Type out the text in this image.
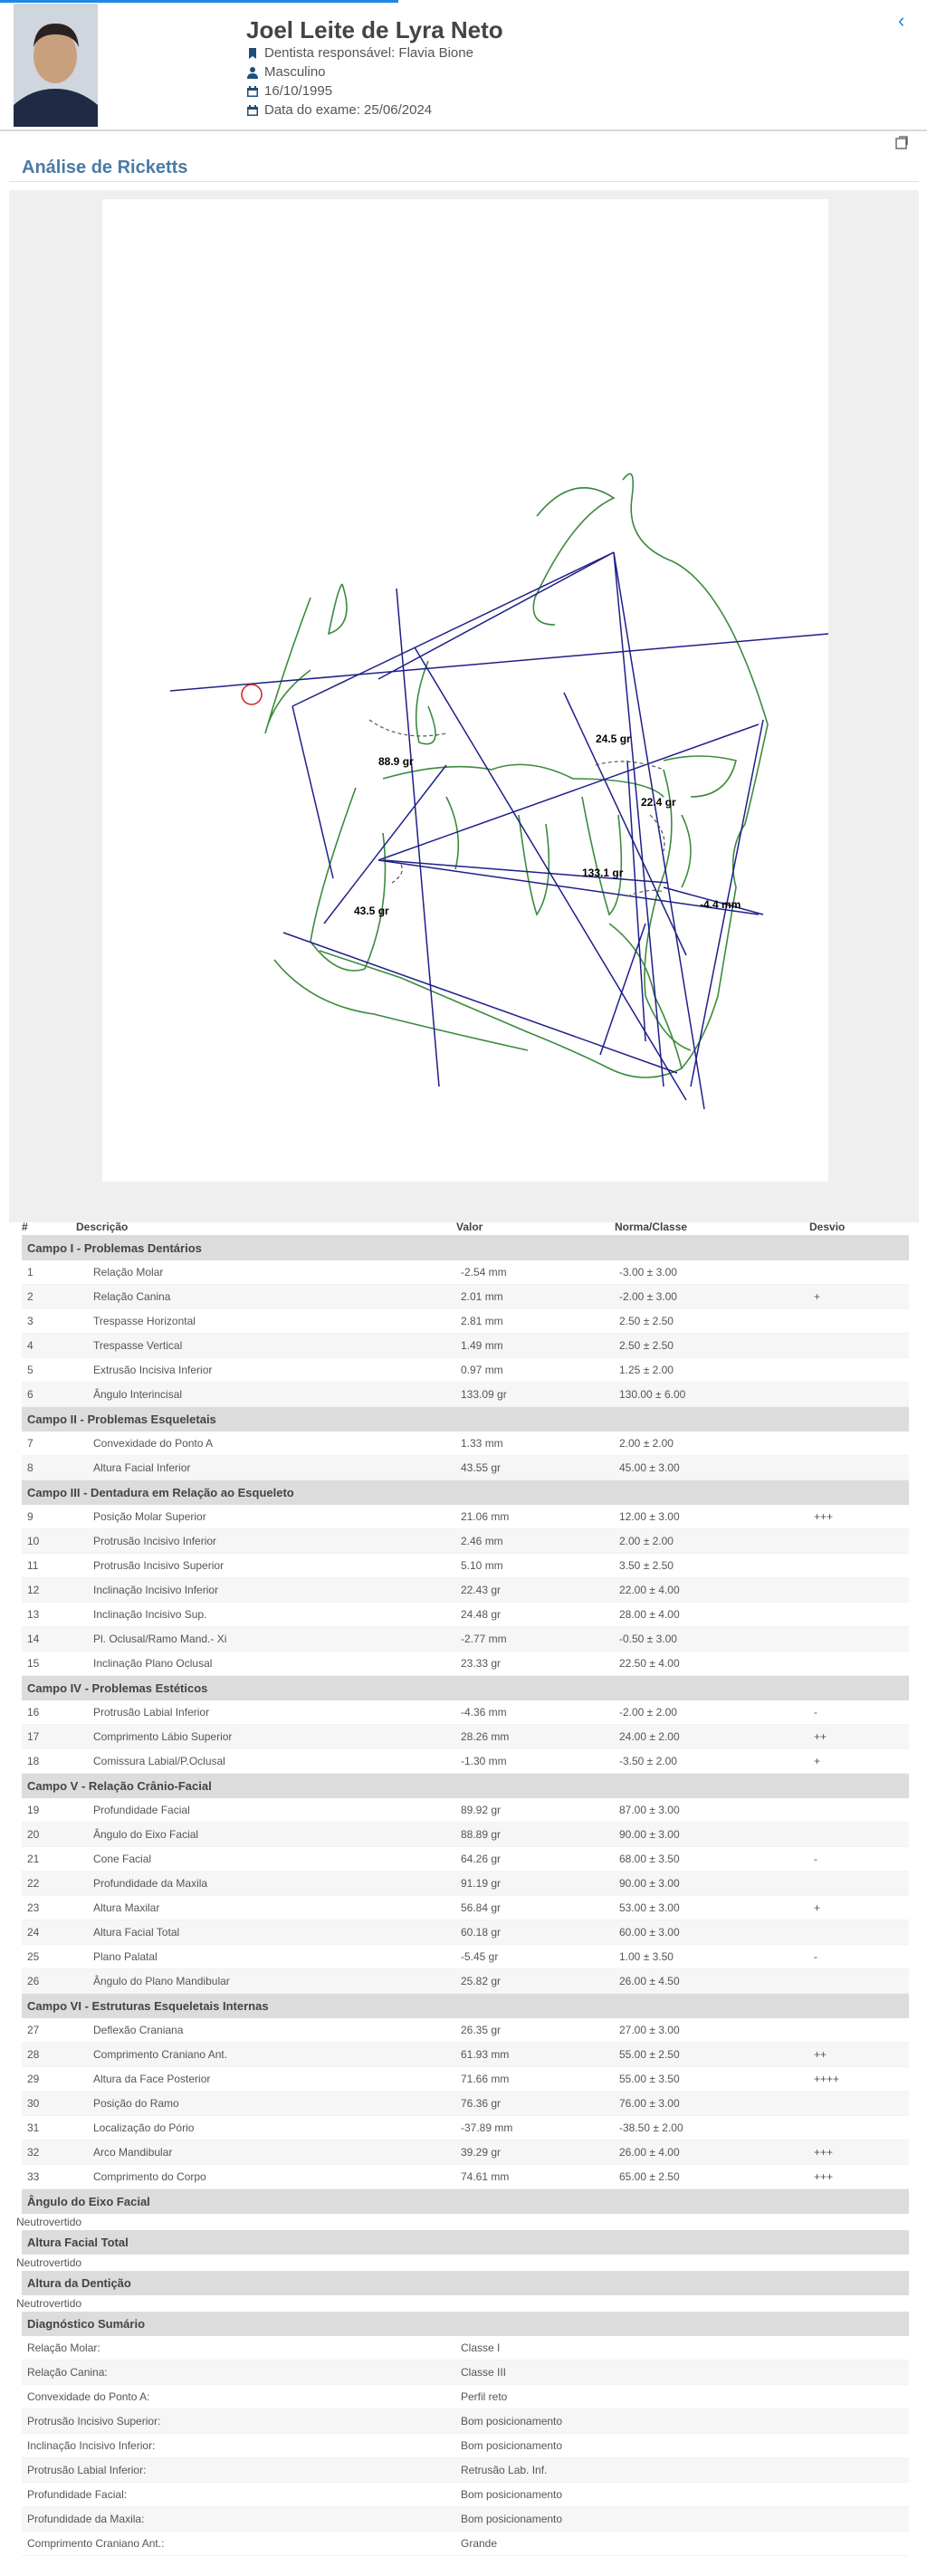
Joel Leite de Lyra Neto
Dentista responsável: Flavia Bione
Masculino
16/10/1995
Data do exame: 25/06/2024
‹
Análise de Ricketts
88.9 gr
24.5 gr
22.4 gr
133.1 gr
43.5 gr	-4.4 mm
#	Descrição	Valor	Norma/Classe	Desvio
Campo I - Problemas Dentários
1	Relação Molar	-2.54 mm	-3.00 ± 3.00
2	Relação Canina	2.01 mm	-2.00 ± 3.00	+
3	Trespasse Horizontal	2.81 mm	2.50 ± 2.50
4	Trespasse Vertical	1.49 mm	2.50 ± 2.50
5	Extrusão Incisiva Inferior	0.97 mm	1.25 ± 2.00
6	Ângulo Interincisal	133.09 gr	130.00 ± 6.00
Campo II - Problemas Esqueletais
7	Convexidade do Ponto A	1.33 mm	2.00 ± 2.00
8	Altura Facial Inferior	43.55 gr	45.00 ± 3.00
Campo III - Dentadura em Relação ao Esqueleto
9	Posição Molar Superior	21.06 mm	12.00 ± 3.00	+++
10	Protrusão Incisivo Inferior	2.46 mm	2.00 ± 2.00
11	Protrusão Incisivo Superior	5.10 mm	3.50 ± 2.50
12	Inclinação Incisivo Inferior	22.43 gr	22.00 ± 4.00
13	Inclinação Incisivo Sup.	24.48 gr	28.00 ± 4.00
14	Pl. Oclusal/Ramo Mand.- Xi	-2.77 mm	-0.50 ± 3.00
15	Inclinação Plano Oclusal	23.33 gr	22.50 ± 4.00
Campo IV - Problemas Estéticos
16	Protrusão Labial Inferior	-4.36 mm	-2.00 ± 2.00	-
17	Comprimento Lábio Superior	28.26 mm	24.00 ± 2.00	++
18	Comissura Labial/P.Oclusal	-1.30 mm	-3.50 ± 2.00	+
Campo V - Relação Crânio-Facial
19	Profundidade Facial	89.92 gr	87.00 ± 3.00
20	Ângulo do Eixo Facial	88.89 gr	90.00 ± 3.00
21	Cone Facial	64.26 gr	68.00 ± 3.50	-
22	Profundidade da Maxila	91.19 gr	90.00 ± 3.00
23	Altura Maxilar	56.84 gr	53.00 ± 3.00	+
24	Altura Facial Total	60.18 gr	60.00 ± 3.00
25	Plano Palatal	-5.45 gr	1.00 ± 3.50	-
26	Ângulo do Plano Mandibular	25.82 gr	26.00 ± 4.50
Campo VI - Estruturas Esqueletais Internas
27	Deflexão Craniana	26.35 gr	27.00 ± 3.00
28	Comprimento Craniano Ant.	61.93 mm	55.00 ± 2.50	++
29	Altura da Face Posterior	71.66 mm	55.00 ± 3.50	++++
30	Posição do Ramo	76.36 gr	76.00 ± 3.00
31	Localização do Pório	-37.89 mm	-38.50 ± 2.00
32	Arco Mandibular	39.29 gr	26.00 ± 4.00	+++
33	Comprimento do Corpo	74.61 mm	65.00 ± 2.50	+++
Ângulo do Eixo Facial
Neutrovertido
Altura Facial Total
Neutrovertido
Altura da Dentição
Neutrovertido
Diagnóstico Sumário
Relação Molar:	Classe I
Relação Canina:	Classe III
Convexidade do Ponto A:	Perfil reto
Protrusão Incisivo Superior:	Bom posicionamento
Inclinação Incisivo Inferior:	Bom posicionamento
Protrusão Labial Inferior:	Retrusão Lab. Inf.
Profundidade Facial:	Bom posicionamento
Profundidade da Maxila:	Bom posicionamento
Comprimento Craniano Ant.:	Grande
